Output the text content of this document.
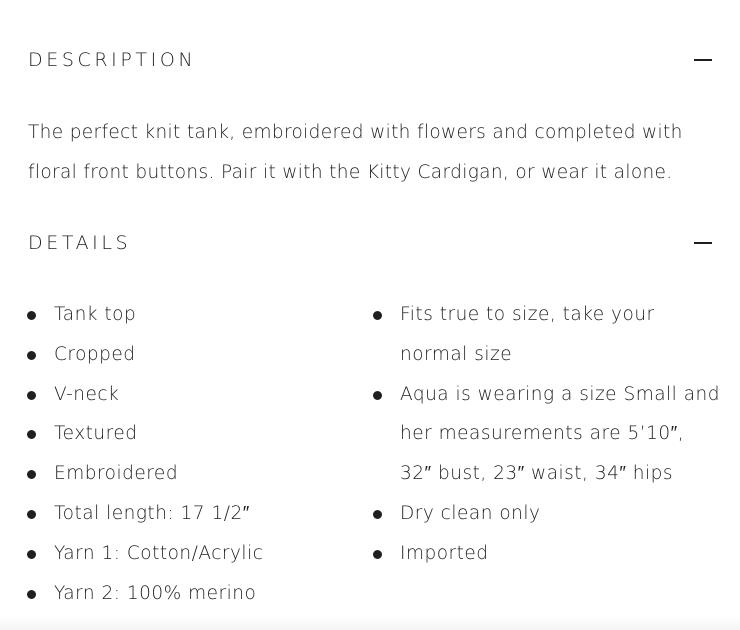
DESCRIPTION

The perfect knit tank, embroidered with flowers and completed with floral front buttons. Pair it with the Kitty Cardigan, or wear it alone.

DETAILS
Tank top
Cropped
V-neck
Textured
Embroidered
Total length: 17 1/2″
Yarn 1: Cotton/Acrylic
Yarn 2: 100% merino
Fits true to size, take your normal size
Aqua is wearing a size Small and her measurements are 5’10″, 32″ bust, 23″ waist, 34″ hips
Dry clean only
Imported
